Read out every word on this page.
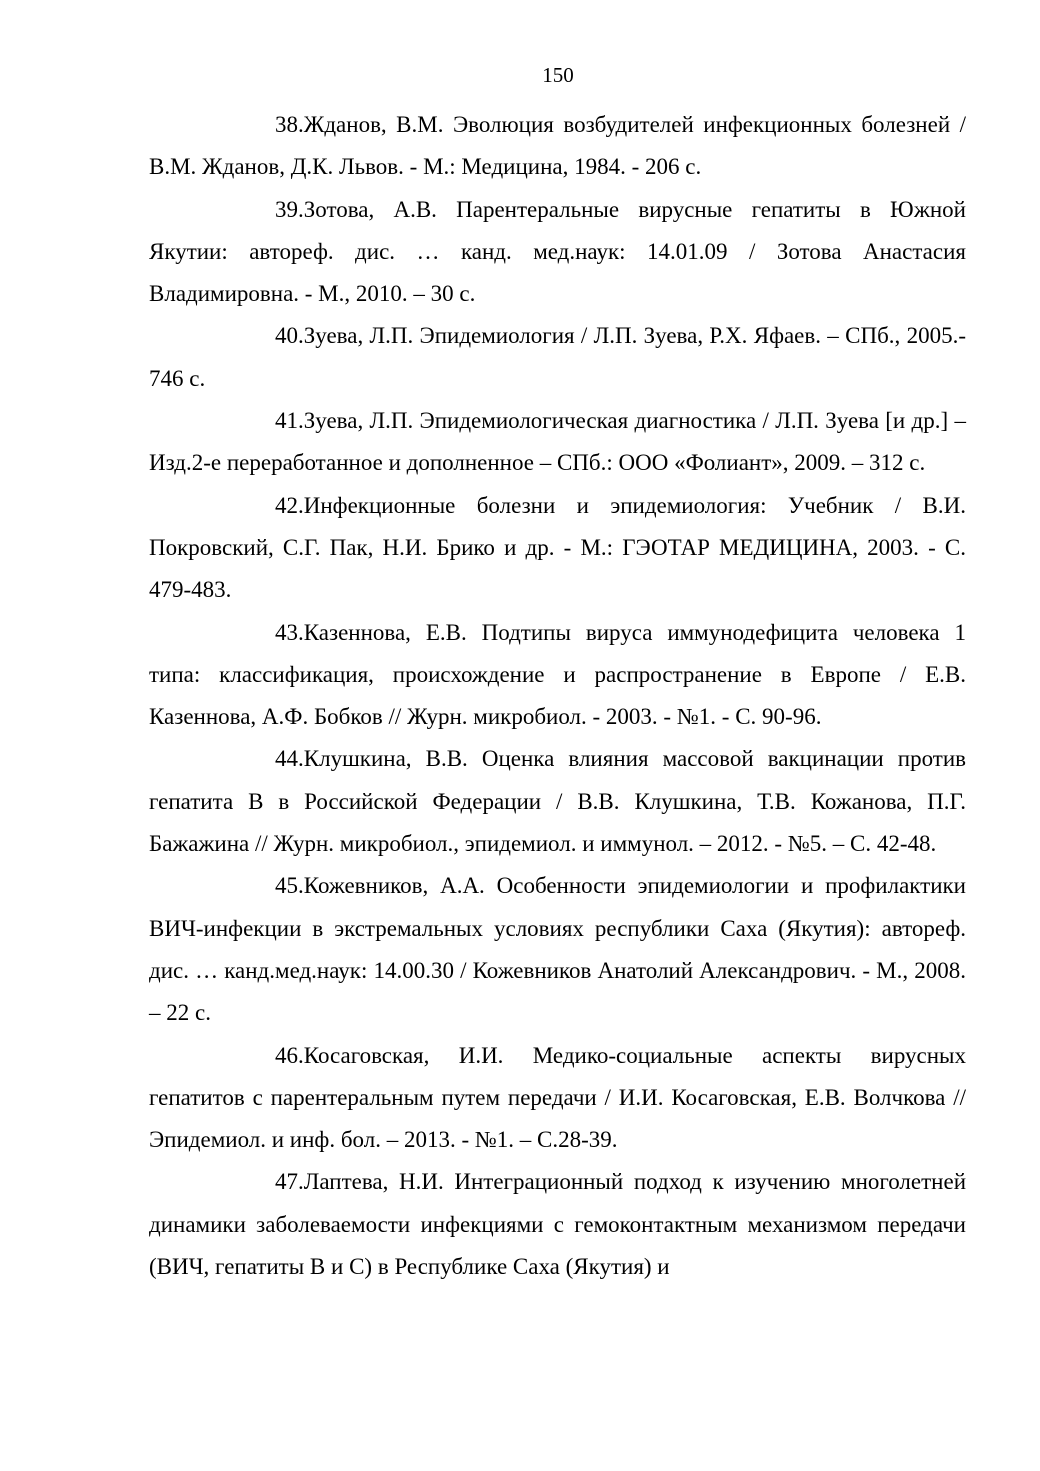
150

38.Жданов, В.М. Эволюция возбудителей инфекционных болезней / В.М. Жданов, Д.К. Львов. - М.: Медицина, 1984. - 206 с.

39.Зотова, А.В. Парентеральные вирусные гепатиты в Южной Якутии: автореф. дис. … канд. мед.наук: 14.01.09 / Зотова Анастасия Владимировна. - М., 2010. – 30 с.

40.Зуева, Л.П. Эпидемиология / Л.П. Зуева, Р.Х. Яфаев. – СПб., 2005.- 746 с.

41.Зуева, Л.П. Эпидемиологическая диагностика / Л.П. Зуева [и др.] – Изд.2-е переработанное и дополненное – СПб.: ООО «Фолиант», 2009. – 312 с.

42.Инфекционные болезни и эпидемиология: Учебник / В.И. Покровский, С.Г. Пак, Н.И. Брико и др. - М.: ГЭОТАР МЕДИЦИНА, 2003. - С. 479-483.

43.Казеннова, Е.В. Подтипы вируса иммунодефицита человека 1 типа: классификация, происхождение и распространение в Европе / Е.В. Казеннова, А.Ф. Бобков // Журн. микробиол. - 2003. - №1. - С. 90-96.

44.Клушкина, В.В. Оценка влияния массовой вакцинации против гепатита В в Российской Федерации / В.В. Клушкина, Т.В. Кожанова, П.Г. Бажажина // Журн. микробиол., эпидемиол. и иммунол. – 2012. - №5. – С. 42-48.

45.Кожевников, А.А. Особенности эпидемиологии и профилактики ВИЧ-инфекции в экстремальных условиях республики Саха (Якутия): автореф. дис. … канд.мед.наук: 14.00.30 / Кожевников Анатолий Александрович. - М., 2008. – 22 с.

46.Косаговская, И.И. Медико-социальные аспекты вирусных гепатитов с парентеральным путем передачи / И.И. Косаговская, Е.В. Волчкова // Эпидемиол. и инф. бол. – 2013. - №1. – С.28-39.

47.Лаптева, Н.И. Интеграционный подход к изучению многолетней динамики заболеваемости инфекциями с гемоконтактным механизмом передачи (ВИЧ, гепатиты В и С) в Республике Саха (Якутия) и
